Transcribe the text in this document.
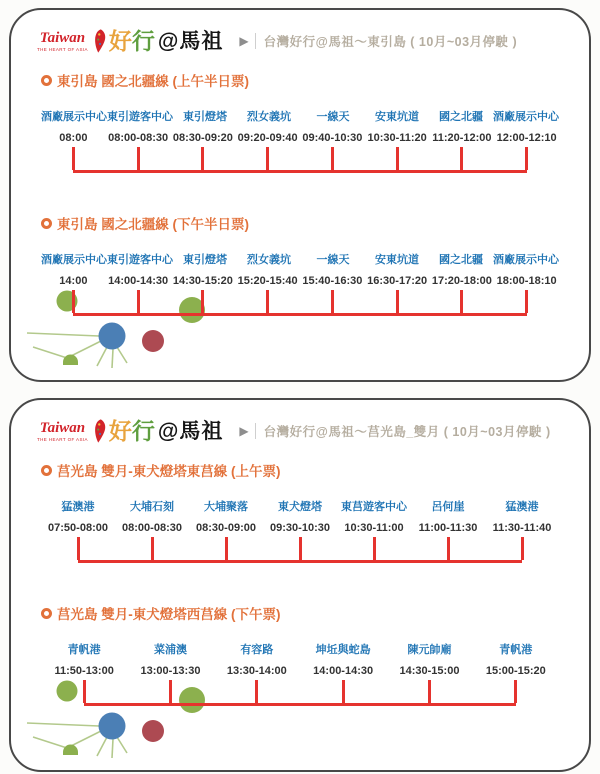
Taiwan
THE HEART OF ASIA 好 行 @馬祖 ▶ 台灣好行@馬祖～東引島 ( 10月~03月停駛 )
東引島 國之北疆線 (上午半日票)
酒廠展示中心 東引遊客中心 東引燈塔	烈女義坑	一線天	安東坑道	國之北疆 酒廠展示中心
08:00	08:00-08:30 08:30-09:20 09:20-09:40 09:40-10:30 10:30-11:20 11:20-12:00 12:00-12:10
東引島 國之北疆線 (下午半日票)
酒廠展示中心 東引遊客中心 東引燈塔	烈女義坑	一線天	安東坑道	國之北疆 酒廠展示中心
14:00	14:00-14:30 14:30-15:20 15:20-15:40 15:40-16:30 16:30-17:20 17:20-18:00 18:00-18:10
Taiwan
THE HEART OF ASIA 好 行 @馬祖 ▶ 台灣好行@馬祖～莒光島_雙月 ( 10月~03月停駛 )
莒光島 雙月-東犬燈塔東莒線 (上午票)
猛澳港	大埔石刻	大埔聚落	東犬燈塔	東莒遊客中心	呂何崖	猛澳港
07:50-08:00	08:00-08:30	08:30-09:00	09:30-10:30	10:30-11:00	11:00-11:30	11:30-11:40
莒光島 雙月-東犬燈塔西莒線 (下午票)
青帆港	菜浦澳	有容路	坤坵與蛇島	陳元帥廟	青帆港
11:50-13:00	13:00-13:30	13:30-14:00	14:00-14:30	14:30-15:00	15:00-15:20
